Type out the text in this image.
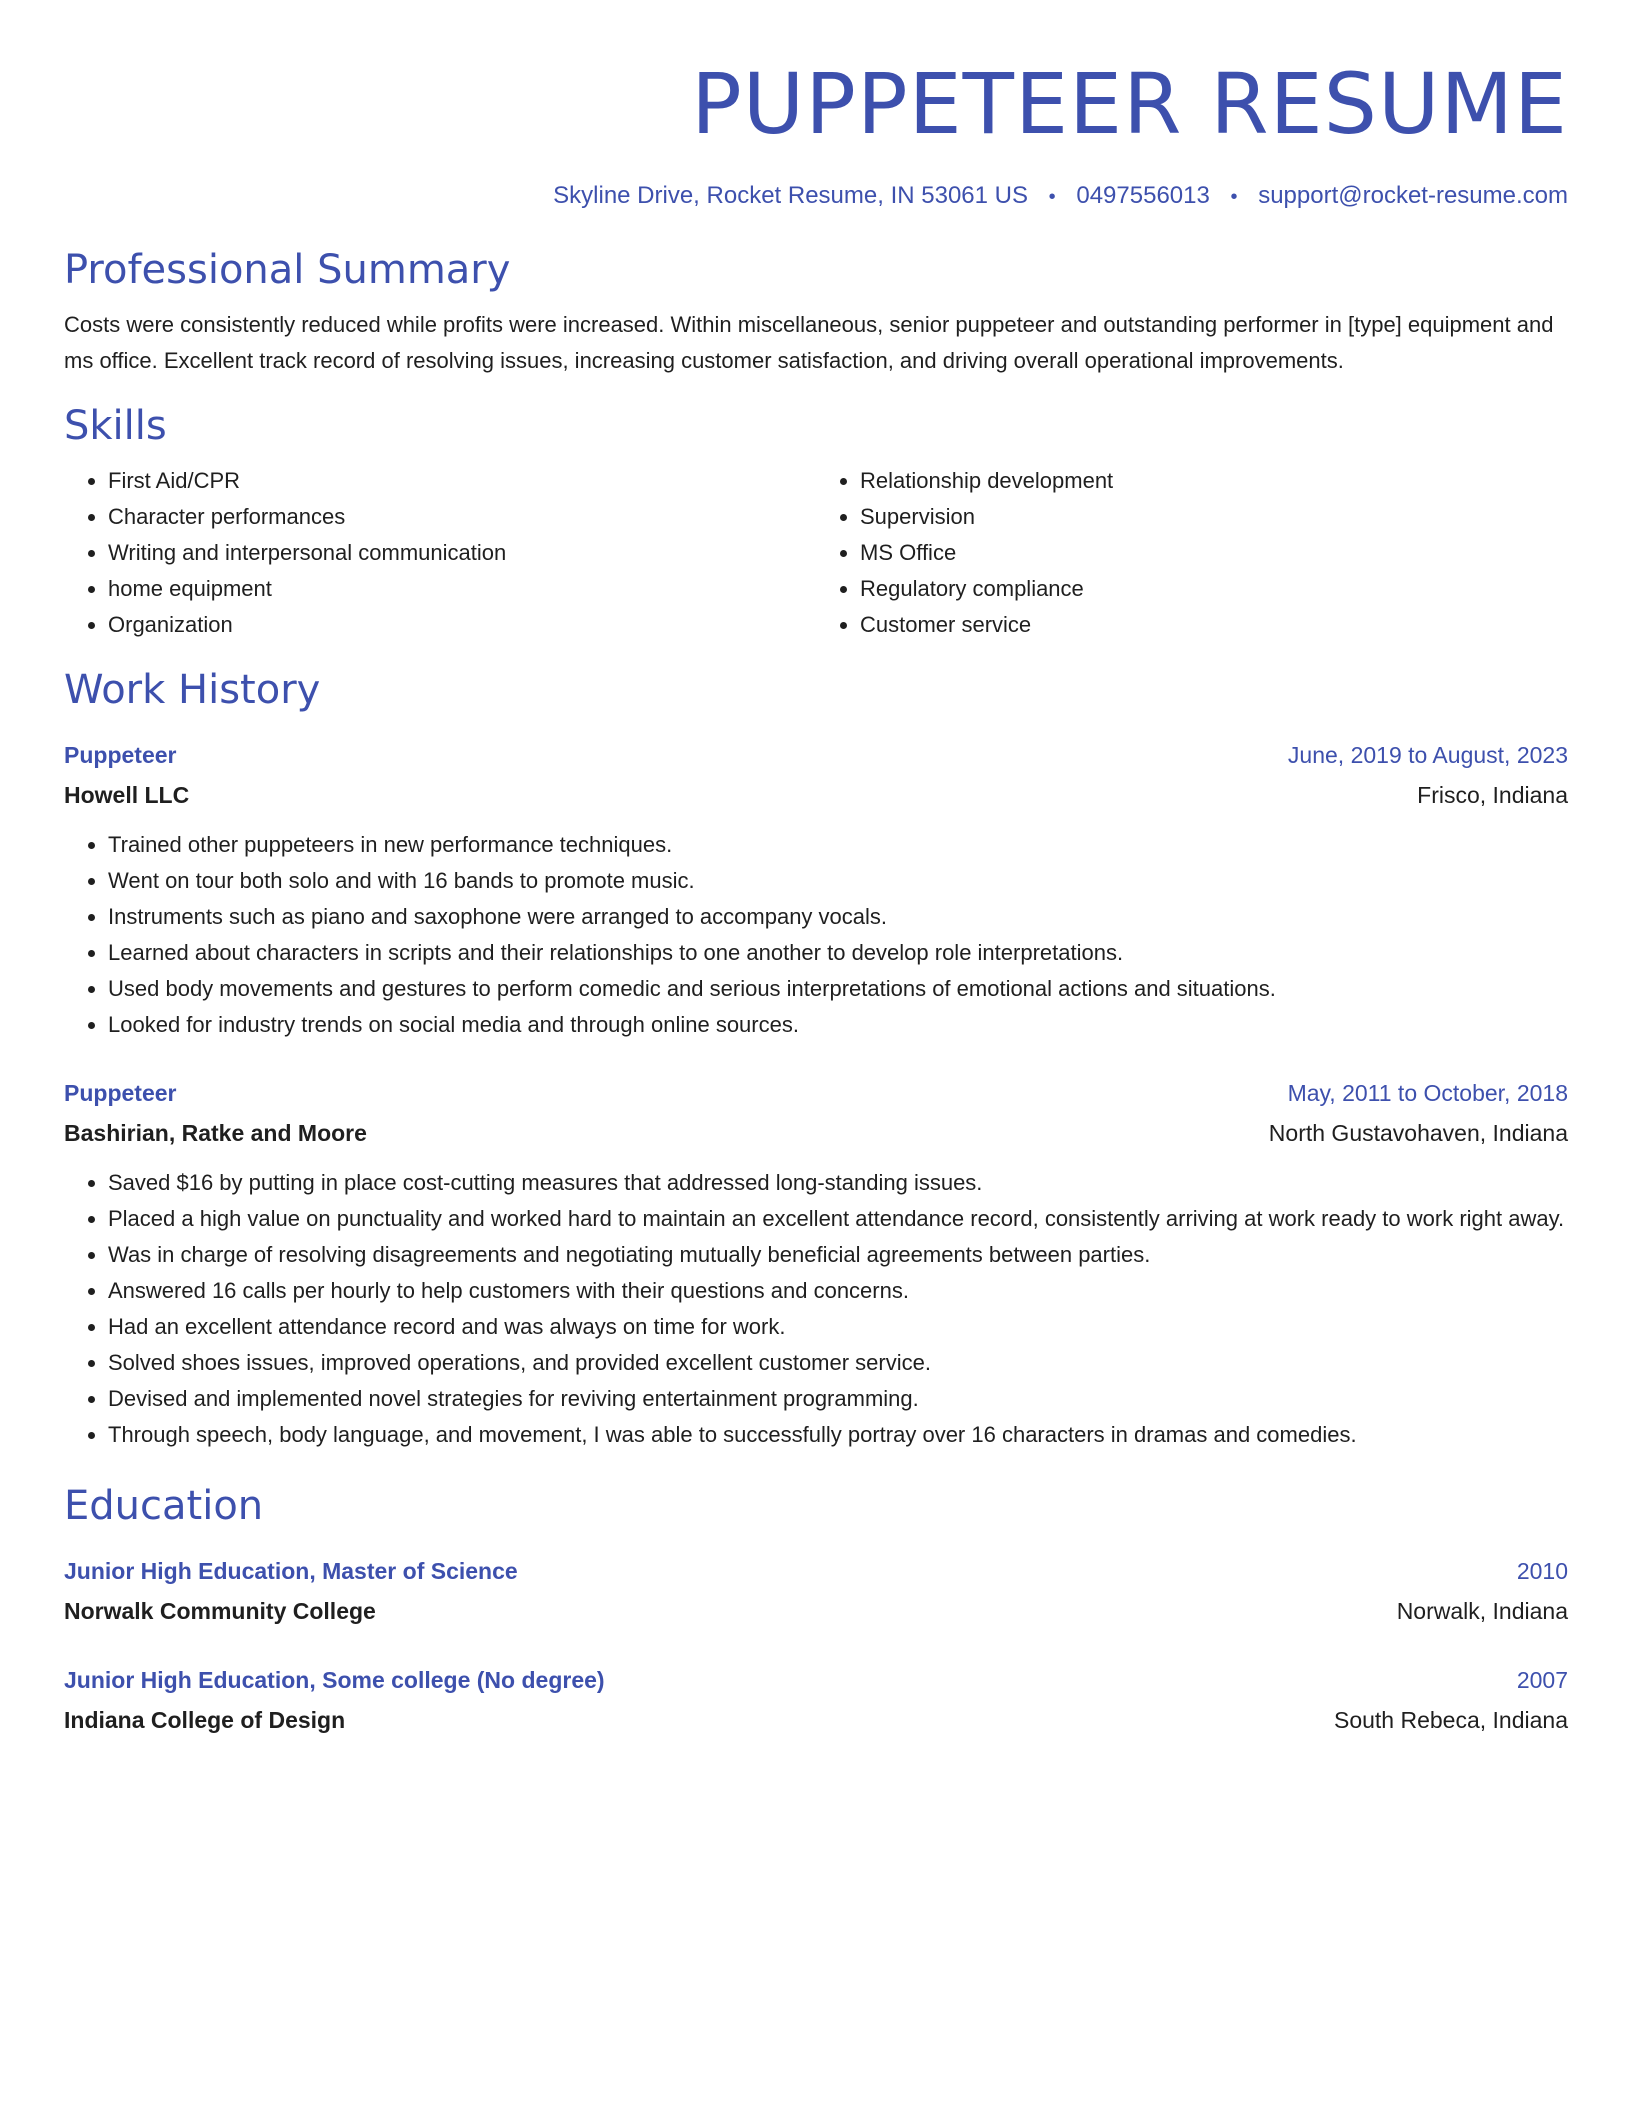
PUPPETEER RESUME
Skyline Drive, Rocket Resume, IN 53061 US • 0497556013 • support@rocket-resume.com
Professional Summary
Costs were consistently reduced while profits were increased. Within miscellaneous, senior puppeteer and outstanding performer in [type] equipment and ms office. Excellent track record of resolving issues, increasing customer satisfaction, and driving overall operational improvements.
Skills
• First Aid/CPR
• Character performances
• Writing and interpersonal communication
• home equipment
• Organization
• Relationship development
• Supervision
• MS Office
• Regulatory compliance
• Customer service
Work History
Puppeteer	June, 2019 to August, 2023
Howell LLC	Frisco, Indiana
• Trained other puppeteers in new performance techniques.
• Went on tour both solo and with 16 bands to promote music.
• Instruments such as piano and saxophone were arranged to accompany vocals.
• Learned about characters in scripts and their relationships to one another to develop role interpretations.
• Used body movements and gestures to perform comedic and serious interpretations of emotional actions and situations.
• Looked for industry trends on social media and through online sources.
Puppeteer	May, 2011 to October, 2018
Bashirian, Ratke and Moore	North Gustavohaven, Indiana
• Saved $16 by putting in place cost-cutting measures that addressed long-standing issues.
• Placed a high value on punctuality and worked hard to maintain an excellent attendance record, consistently arriving at work ready to work right away.
• Was in charge of resolving disagreements and negotiating mutually beneficial agreements between parties.
• Answered 16 calls per hourly to help customers with their questions and concerns.
• Had an excellent attendance record and was always on time for work.
• Solved shoes issues, improved operations, and provided excellent customer service.
• Devised and implemented novel strategies for reviving entertainment programming.
• Through speech, body language, and movement, I was able to successfully portray over 16 characters in dramas and comedies.
Education
Junior High Education, Master of Science	2010
Norwalk Community College	Norwalk, Indiana
Junior High Education, Some college (No degree)	2007
Indiana College of Design	South Rebeca, Indiana
